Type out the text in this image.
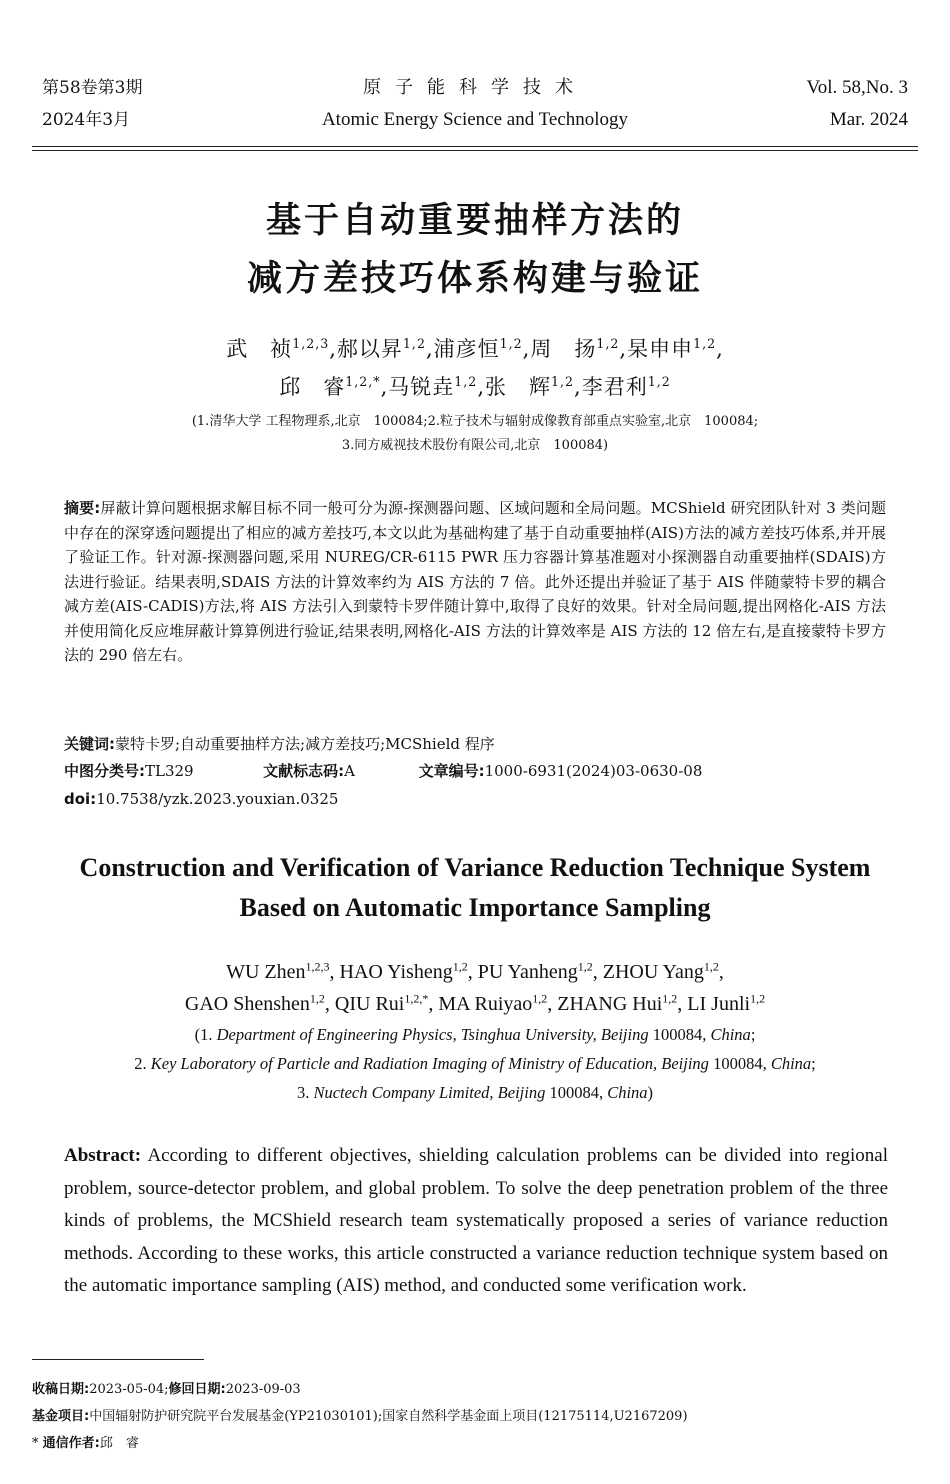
第58卷第3期
2024年3月
原子能科学技术
Atomic Energy Science and Technology
Vol. 58,No. 3
Mar. 2024
基于自动重要抽样方法的
减方差技巧体系构建与验证
武　祯$^{1,2,3}$,郝以昇$^{1,2}$,浦彦恒$^{1,2}$,周　扬$^{1,2}$,杲申申$^{1,2}$,
邱　睿$^{1,2,*}$,马锐垚$^{1,2}$,张　辉$^{1,2}$,李君利$^{1,2}$
(1.清华大学 工程物理系,北京　100084;2.粒子技术与辐射成像教育部重点实验室,北京　100084;
3.同方威视技术股份有限公司,北京　100084)
摘要:屏蔽计算问题根据求解目标不同一般可分为源-探测器问题、区域问题和全局问题。MCShield 研究团队针对 3 类问题中存在的深穿透问题提出了相应的减方差技巧,本文以此为基础构建了基于自动重要抽样(AIS)方法的减方差技巧体系,并开展了验证工作。针对源-探测器问题,采用 NUREG/CR-6115 PWR 压力容器计算基准题对小探测器自动重要抽样(SDAIS)方法进行验证。结果表明,SDAIS 方法的计算效率约为 AIS 方法的 7 倍。此外还提出并验证了基于 AIS 伴随蒙特卡罗的耦合减方差(AIS-CADIS)方法,将 AIS 方法引入到蒙特卡罗伴随计算中,取得了良好的效果。针对全局问题,提出网格化-AIS 方法并使用简化反应堆屏蔽计算算例进行验证,结果表明,网格化-AIS 方法的计算效率是 AIS 方法的 12 倍左右,是直接蒙特卡罗方法的 290 倍左右。
关键词:蒙特卡罗;自动重要抽样方法;减方差技巧;MCShield 程序
中图分类号:TL329	文献标志码:A	文章编号:1000-6931(2024)03-0630-08
doi:10.7538/yzk.2023.youxian.0325
Construction and Verification of Variance Reduction Technique System
Based on Automatic Importance Sampling
WU Zhen$^{1,2,3}$, HAO Yisheng$^{1,2}$, PU Yanheng$^{1,2}$, ZHOU Yang$^{1,2}$,
GAO Shenshen$^{1,2}$, QIU Rui$^{1,2,*}$, MA Ruiyao$^{1,2}$, ZHANG Hui$^{1,2}$, LI Junli$^{1,2}$
(1. Department of Engineering Physics, Tsinghua University, Beijing 100084, China;
2. Key Laboratory of Particle and Radiation Imaging of Ministry of Education, Beijing 100084, China;
3. Nuctech Company Limited, Beijing 100084, China)
Abstract: According to different objectives, shielding calculation problems can be divided into regional problem, source-detector problem, and global problem. To solve the deep penetration problem of the three kinds of problems, the MCShield research team systematically proposed a series of variance reduction methods. According to these works, this article constructed a variance reduction technique system based on the automatic importance sampling (AIS) method, and conducted some verification work.
收稿日期:2023-05-04;修回日期:2023-09-03
基金项目:中国辐射防护研究院平台发展基金(YP21030101);国家自然科学基金面上项目(12175114,U2167209)
* 通信作者:邱　睿
